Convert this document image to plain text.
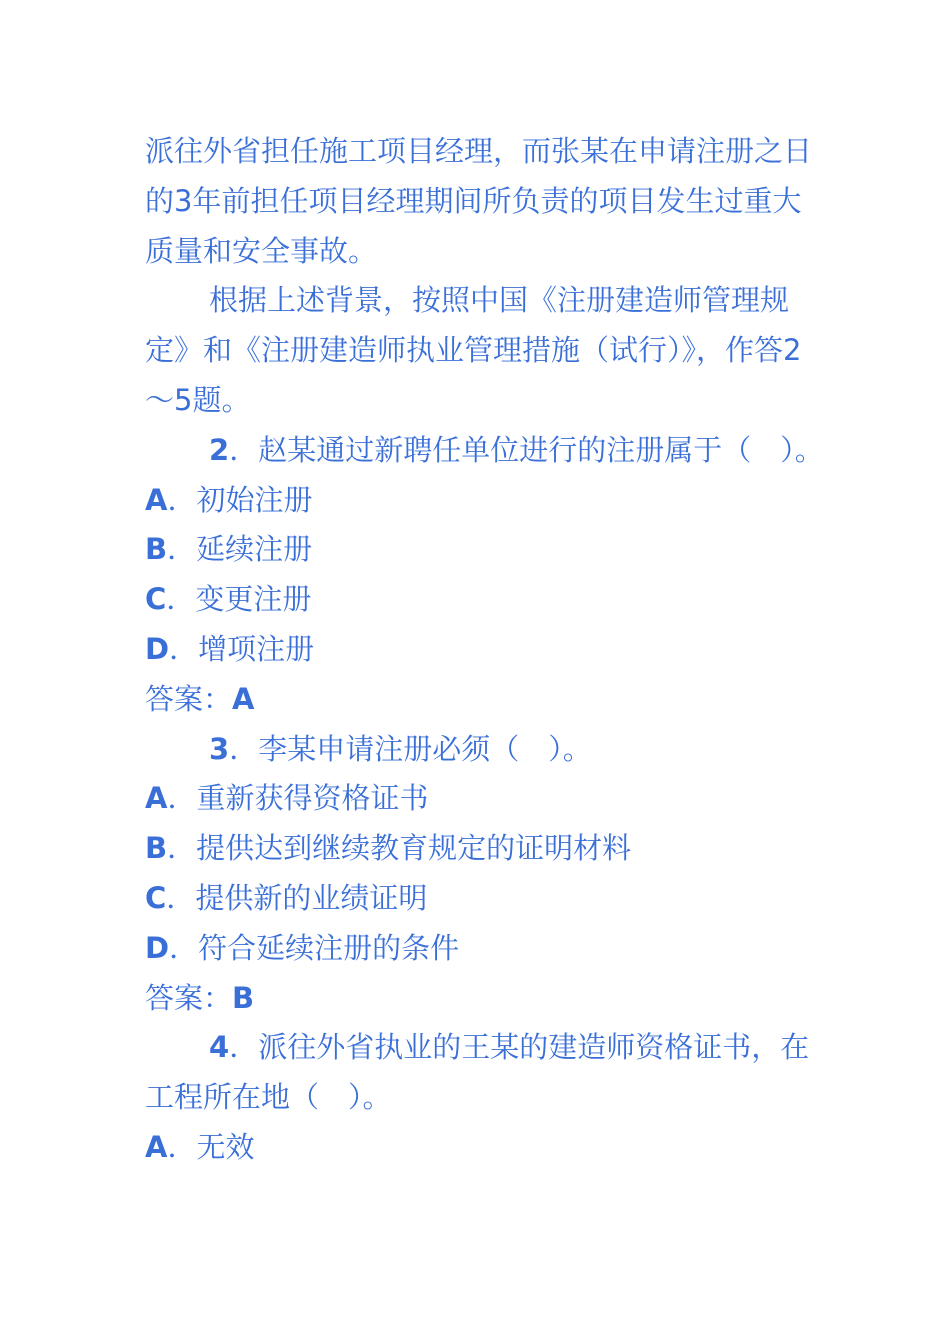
派往外省担任施工项目经理，而张某在申请注册之日的3年前担任项目经理期间所负责的项目发生过重大质量和安全事故。

根据上述背景，按照中国《注册建造师管理规定》和《注册建造师执业管理措施（试行）》，作答2～5题。

2．赵某通过新聘任单位进行的注册属于（　）。

A．初始注册

B．延续注册

C．变更注册

D．增项注册

答案：A

3．李某申请注册必须（　）。

A．重新获得资格证书

B．提供达到继续教育规定的证明材料

C．提供新的业绩证明

D．符合延续注册的条件

答案：B

4．派往外省执业的王某的建造师资格证书，在工程所在地（　）。

A．无效
